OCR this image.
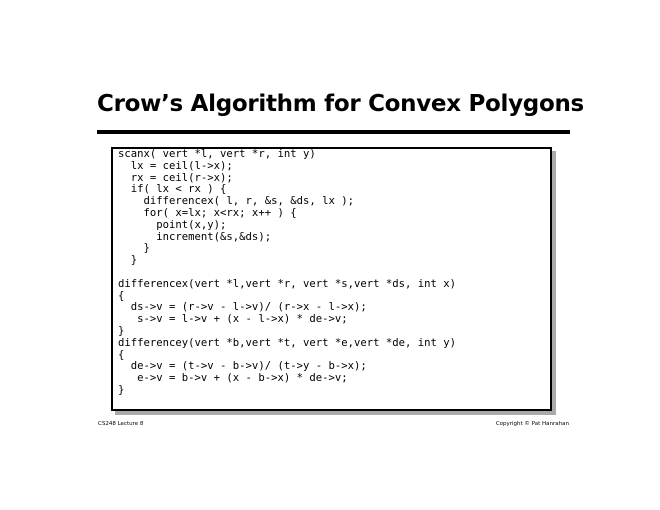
Crow’s Algorithm for Convex Polygons
scanx( vert *l, vert *r, int y)
lx = ceil(l->x);
rx = ceil(r->x);
if( lx < rx ) {
differencex( l, r, &s, &ds, lx );
for( x=lx; x<rx; x++ ) {
point(x,y);
increment(&s,&ds);
}
}

differencex(vert *l,vert *r, vert *s,vert *ds, int x)
{
ds->v = (r->v - l->v)/ (r->x - l->x);
s->v = l->v + (x - l->x) * de->v;
}
differencey(vert *b,vert *t, vert *e,vert *de, int y)
{
de->v = (t->v - b->v)/ (t->y - b->x);
e->v = b->v + (x - b->x) * de->v;
}
CS248 Lecture 8	Copyright © Pat Hanrahan
